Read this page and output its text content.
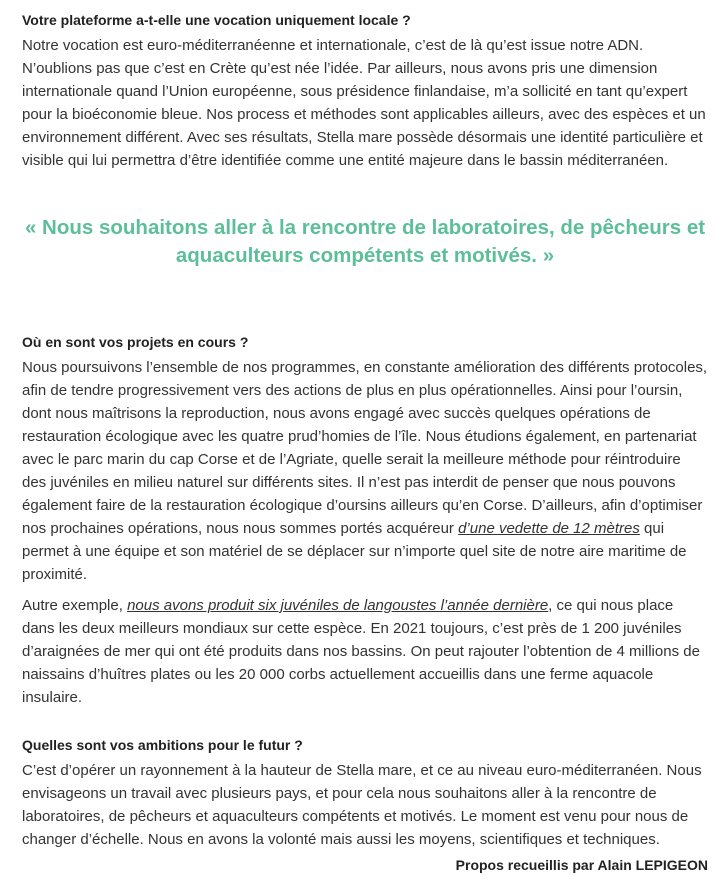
Votre plateforme a-t-elle une vocation uniquement locale ?

Notre vocation est euro-méditerranéenne et internationale, c’est de là qu’est issue notre ADN. N’oublions pas que c’est en Crète qu’est née l’idée. Par ailleurs, nous avons pris une dimension internationale quand l’Union européenne, sous présidence finlandaise, m’a sollicité en tant qu’expert pour la bioéconomie bleue. Nos process et méthodes sont applicables ailleurs, avec des espèces et un environnement différent. Avec ses résultats, Stella mare possède désormais une identité particulière et visible qui lui permettra d’être identifiée comme une entité majeure dans le bassin méditerranéen.

« Nous souhaitons aller à la rencontre de laboratoires, de pêcheurs et aquaculteurs compétents et motivés. »

Où en sont vos projets en cours ?

Nous poursuivons l’ensemble de nos programmes, en constante amélioration des différents protocoles, afin de tendre progressivement vers des actions de plus en plus opérationnelles. Ainsi pour l’oursin, dont nous maîtrisons la reproduction, nous avons engagé avec succès quelques opérations de restauration écologique avec les quatre prud’homies de l’île. Nous étudions également, en partenariat avec le parc marin du cap Corse et de l’Agriate, quelle serait la meilleure méthode pour réintroduire des juvéniles en milieu naturel sur différents sites. Il n’est pas interdit de penser que nous pouvons également faire de la restauration écologique d’oursins ailleurs qu’en Corse. D’ailleurs, afin d’optimiser nos prochaines opérations, nous nous sommes portés acquéreur d’une vedette de 12 mètres qui permet à une équipe et son matériel de se déplacer sur n’importe quel site de notre aire maritime de proximité.

Autre exemple, nous avons produit six juvéniles de langoustes l’année dernière, ce qui nous place dans les deux meilleurs mondiaux sur cette espèce. En 2021 toujours, c’est près de 1 200 juvéniles d’araignées de mer qui ont été produits dans nos bassins. On peut rajouter l’obtention de 4 millions de naissains d’huîtres plates ou les 20 000 corbs actuellement accueillis dans une ferme aquacole insulaire.

Quelles sont vos ambitions pour le futur ?

C’est d’opérer un rayonnement à la hauteur de Stella mare, et ce au niveau euro-méditerranéen. Nous envisageons un travail avec plusieurs pays, et pour cela nous souhaitons aller à la rencontre de laboratoires, de pêcheurs et aquaculteurs compétents et motivés. Le moment est venu pour nous de changer d’échelle. Nous en avons la volonté mais aussi les moyens, scientifiques et techniques.

Propos recueillis par Alain LEPIGEON
